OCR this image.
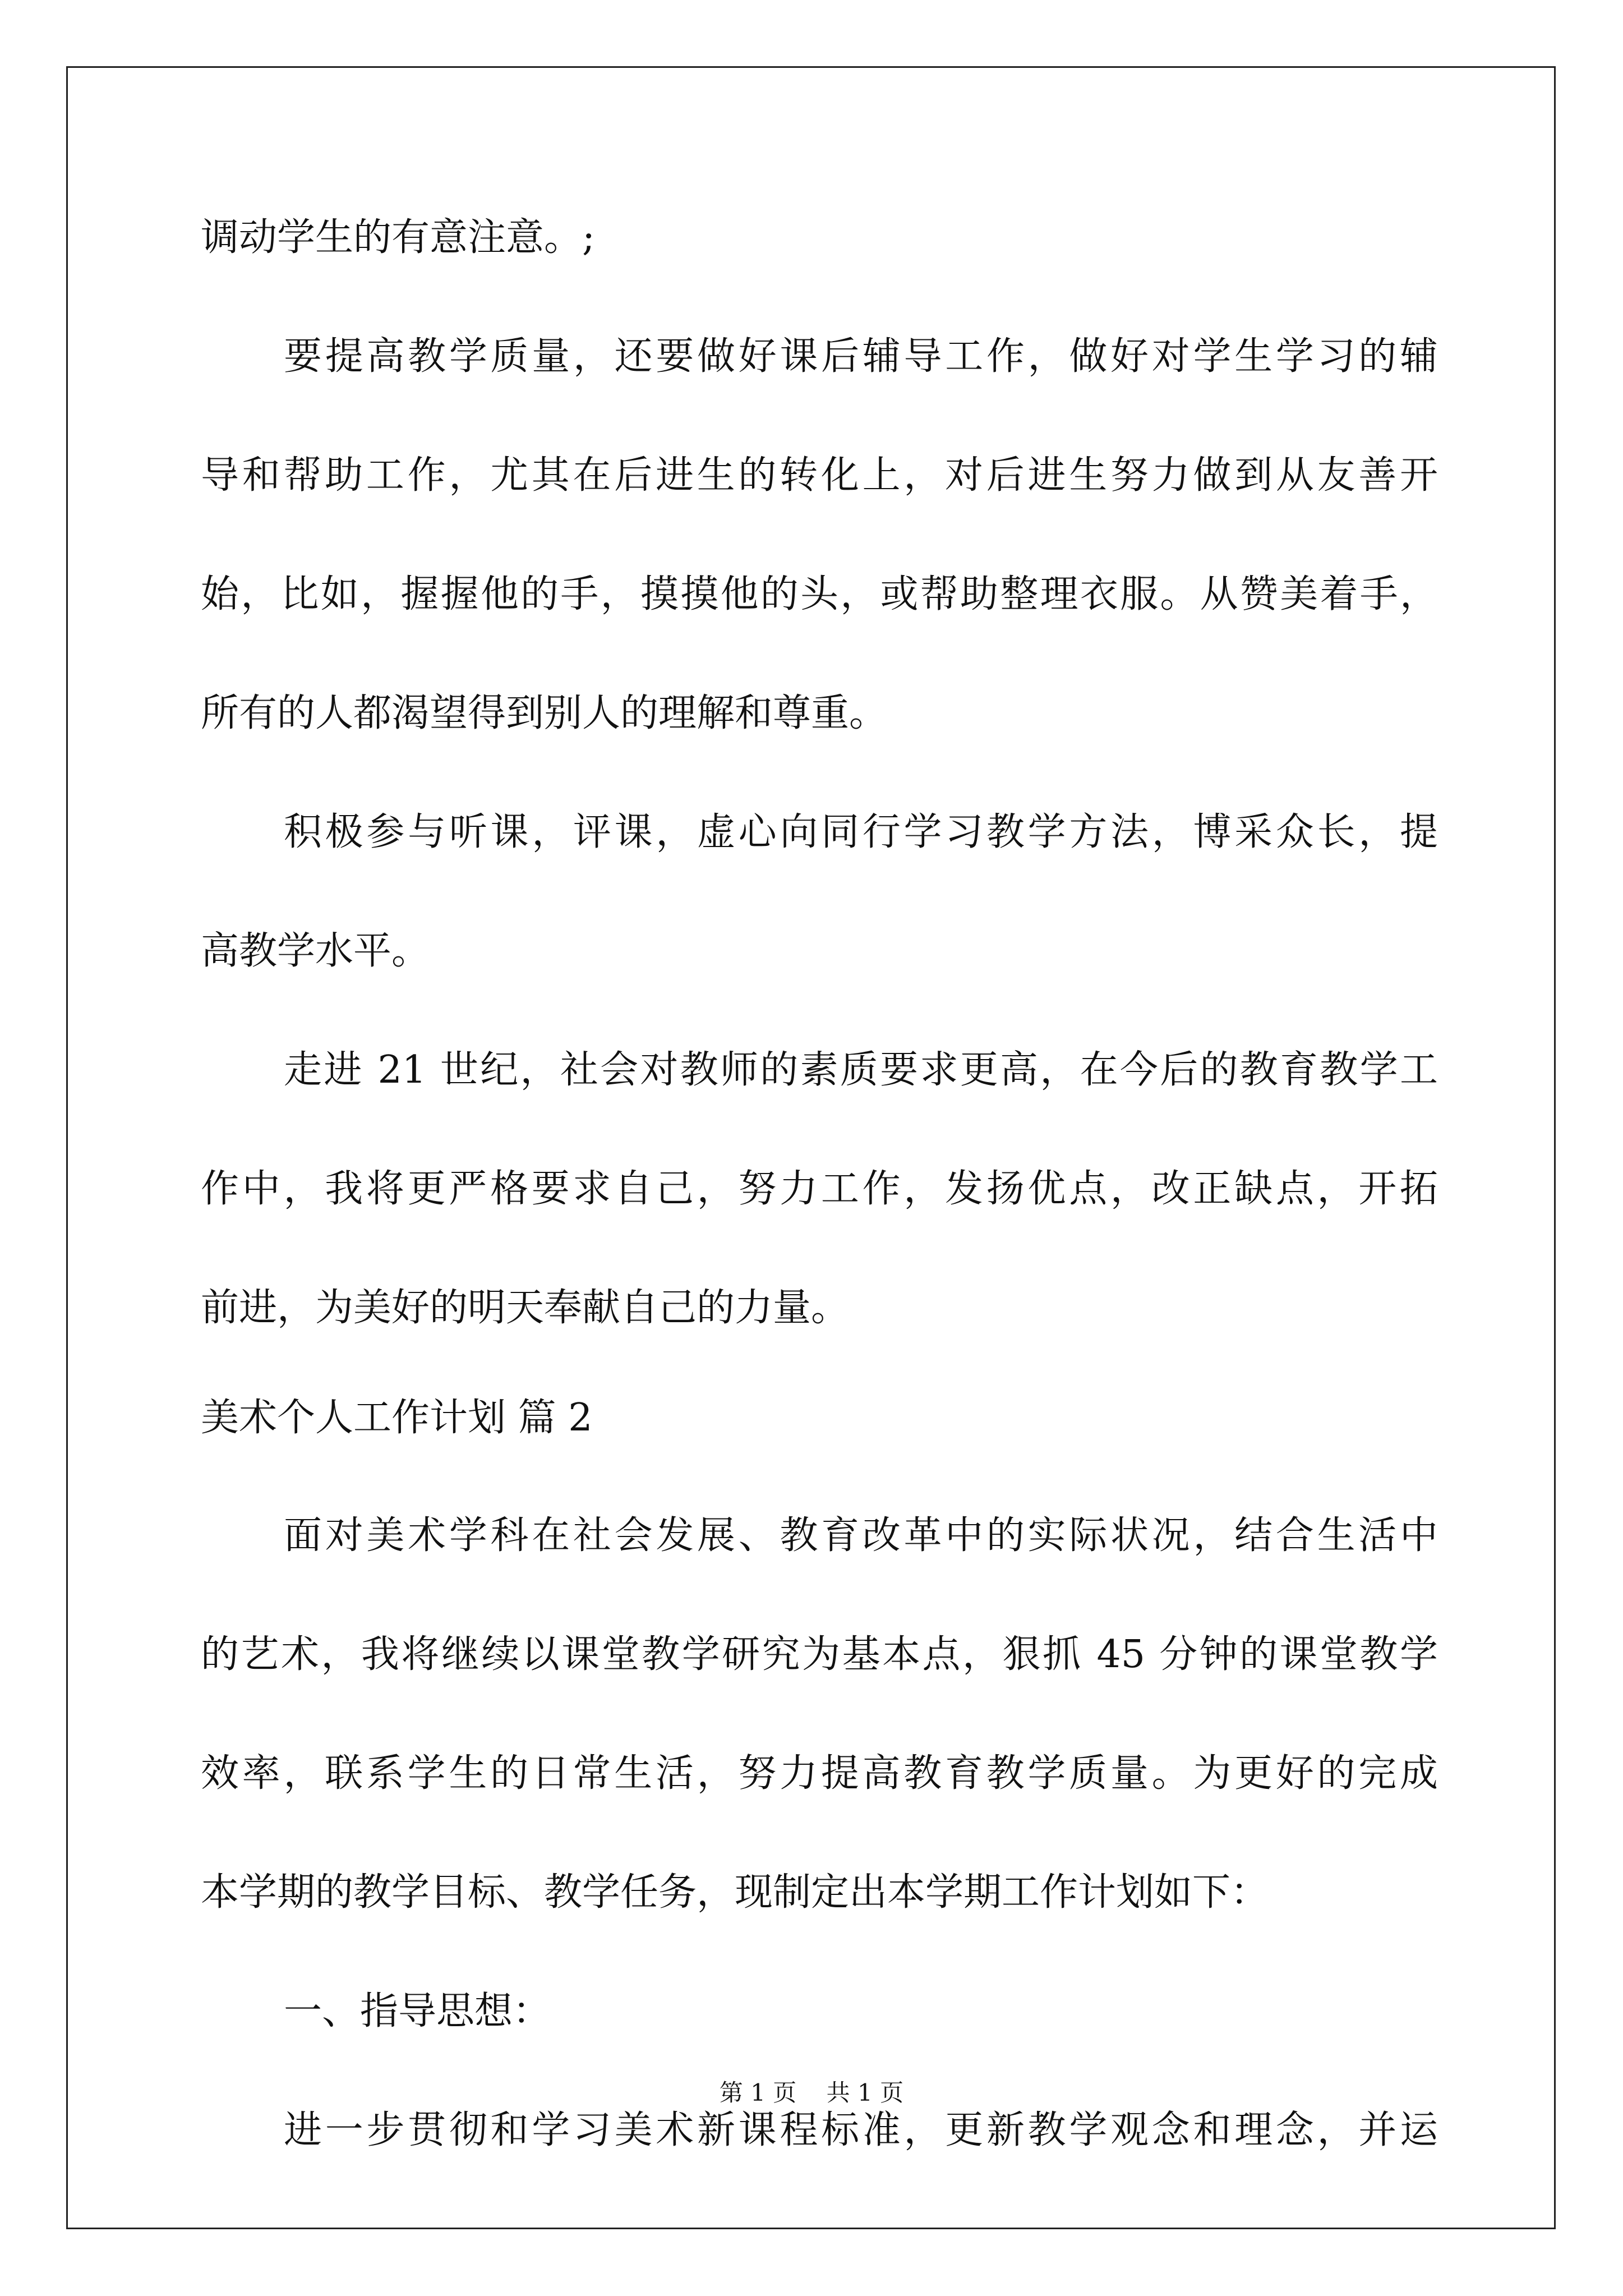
调动学生的有意注意。;

要提高教学质量，还要做好课后辅导工作，做好对学生学习的辅

导和帮助工作，尤其在后进生的转化上，对后进生努力做到从友善开

始，比如，握握他的手，摸摸他的头，或帮助整理衣服。从赞美着手，

所有的人都渴望得到别人的理解和尊重。

积极参与听课，评课，虚心向同行学习教学方法，博采众长，提

高教学水平。

走进 21 世纪，社会对教师的素质要求更高，在今后的教育教学工

作中，我将更严格要求自己，努力工作，发扬优点，改正缺点，开拓

前进，为美好的明天奉献自己的力量。

美术个人工作计划 篇 2

面对美术学科在社会发展、教育改革中的实际状况，结合生活中

的艺术，我将继续以课堂教学研究为基本点，狠抓 45 分钟的课堂教学

效率，联系学生的日常生活，努力提高教育教学质量。为更好的完成

本学期的教学目标、教学任务，现制定出本学期工作计划如下：

一、指导思想：

进一步贯彻和学习美术新课程标准，更新教学观念和理念，并运

第 1 页 共 1 页
